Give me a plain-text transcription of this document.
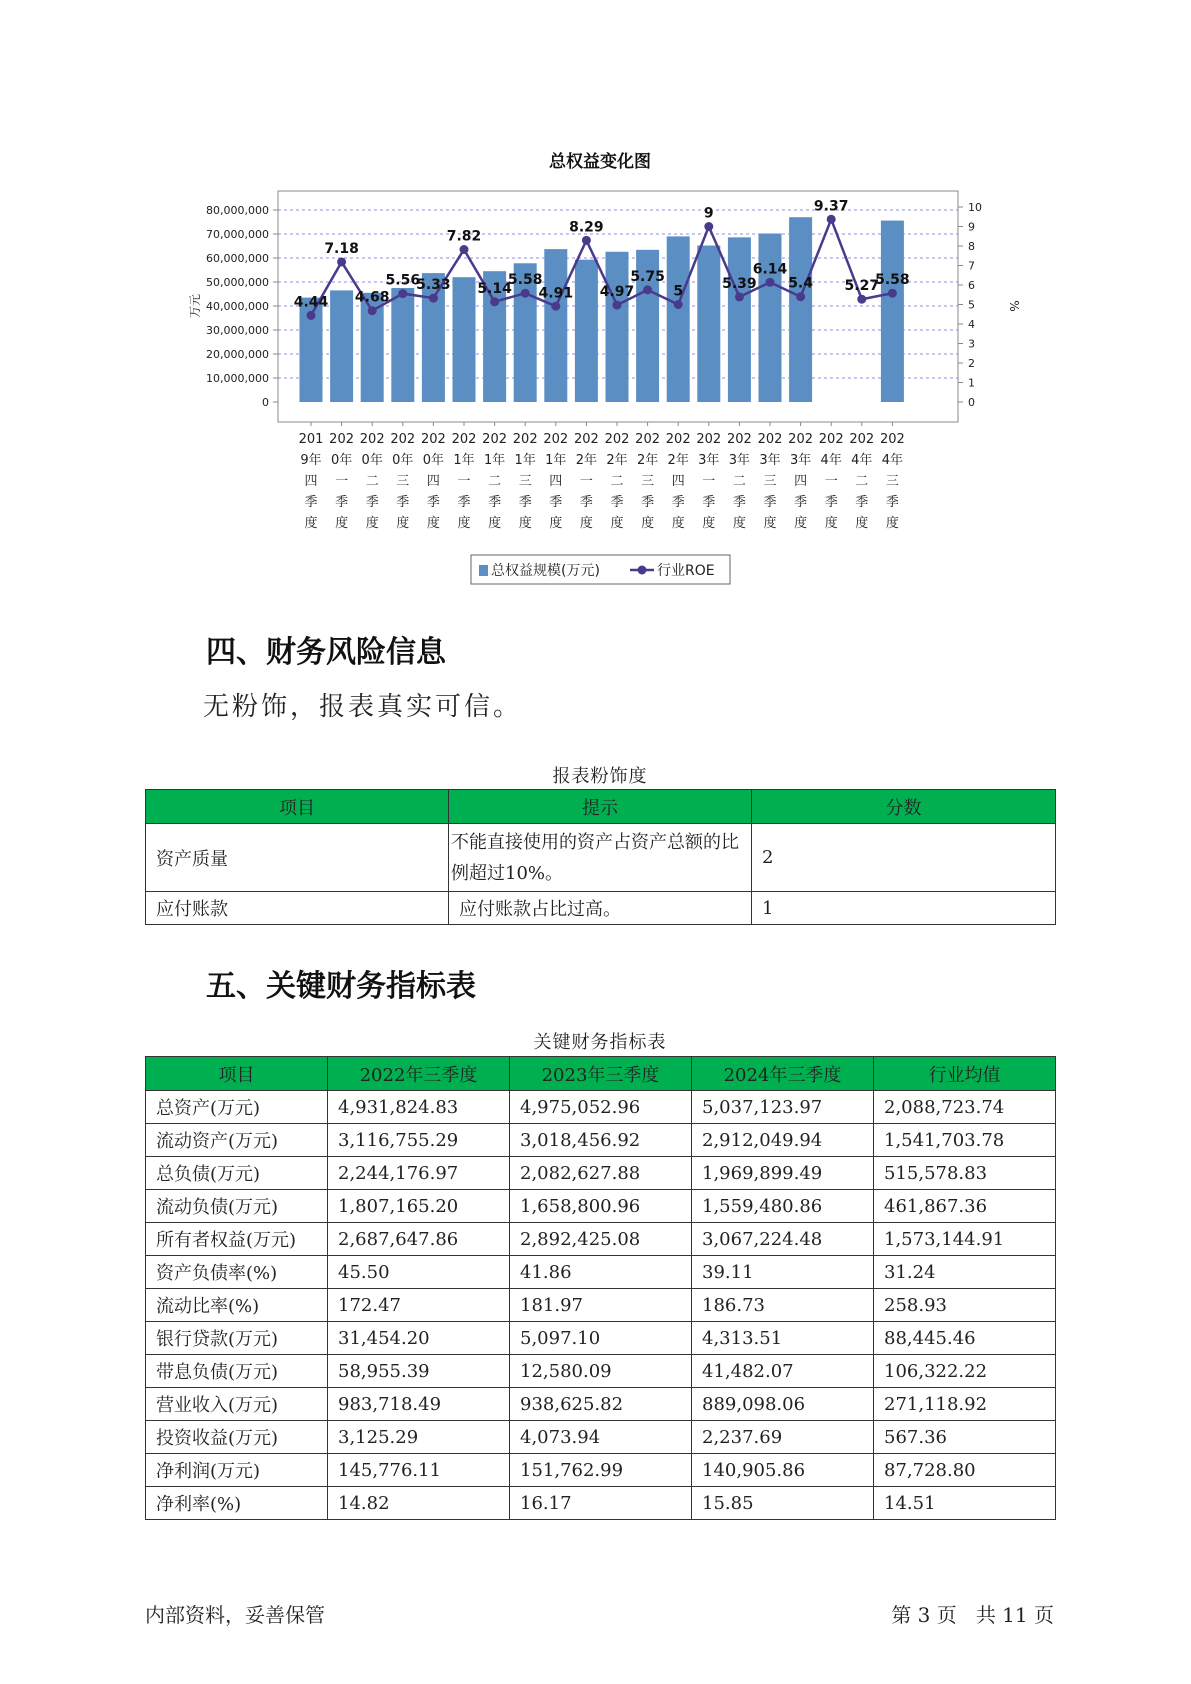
总权益变化图
4.44
7.18
4.68
5.56
5.33
7.82
5.14
5.58
4.91
8.29
4.97
5.75
5
9
5.39
6.14
5.4
9.37
5.27
5.58
0
10,000,000
20,000,000
30,000,000
40,000,000
50,000,000
60,000,000
70,000,000
80,000,000
0
1
2
3
4
5
6
7
8
9
10
万元	%
201
9年
四
季
度
202
0年
一
季
度
202
0年
二
季
度
202
0年
三
季
度
202
0年
四
季
度
202
1年
一
季
度
202
1年
二
季
度
202
1年
三
季
度
202
1年
四
季
度
202
2年
一
季
度
202
2年
二
季
度
202
2年
三
季
度
202
2年
四
季
度
202
3年
一
季
度
202
3年
二
季
度
202
3年
三
季
度
202
3年
四
季
度
202
4年
一
季
度
202
4年
二
季
度
202
4年
三
季
度
总权益规模(万元)	行业ROE
四、财务风险信息

无粉饰，报表真实可信。

报表粉饰度
项目	提示	分数
资产质量	不能直接使用的资产占资产总额的比例超过10%。	2
应付账款	应付账款占比过高。	1
五、关键财务指标表
关键财务指标表
项目	2022年三季度	2023年三季度	2024年三季度	行业均值
总资产(万元)	4,931,824.83	4,975,052.96	5,037,123.97	2,088,723.74
流动资产(万元)	3,116,755.29	3,018,456.92	2,912,049.94	1,541,703.78
总负债(万元)	2,244,176.97	2,082,627.88	1,969,899.49	515,578.83
流动负债(万元)	1,807,165.20	1,658,800.96	1,559,480.86	461,867.36
所有者权益(万元)	2,687,647.86	2,892,425.08	3,067,224.48	1,573,144.91
资产负债率(%)	45.50	41.86	39.11	31.24
流动比率(%)	172.47	181.97	186.73	258.93
银行贷款(万元)	31,454.20	5,097.10	4,313.51	88,445.46
带息负债(万元)	58,955.39	12,580.09	41,482.07	106,322.22
营业收入(万元)	983,718.49	938,625.82	889,098.06	271,118.92
投资收益(万元)	3,125.29	4,073.94	2,237.69	567.36
净利润(万元)	145,776.11	151,762.99	140,905.86	87,728.80
净利率(%)	14.82	16.17	15.85	14.51
内部资料，妥善保管	第 3 页   共 11 页
